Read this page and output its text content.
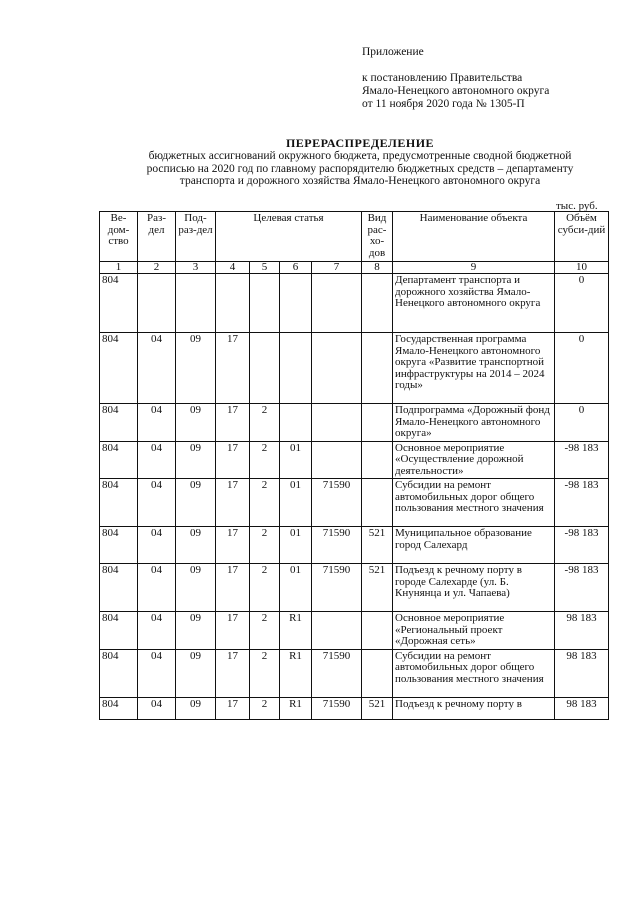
Приложение
к постановлению Правительства
Ямало-Ненецкого автономного округа
от 11 ноября 2020 года № 1305-П
ПЕРЕРАСПРЕДЕЛЕНИЕ
бюджетных ассигнований окружного бюджета, предусмотренные сводной бюджетной
росписью на 2020 год по главному распорядителю бюджетных средств – департаменту
транспорта и дорожного хозяйства Ямало-Ненецкого автономного округа
тыс. руб.
Ве-дом-ство	Раз-дел	Под-раз-дел	Целевая статья				Вид рас-хо-дов	Наименование объекта	Объём субси-дий
1	2	3	4	5	6	7	8	9	10
804								Департамент транспорта и дорожного хозяйства Ямало-Ненецкого автономного округа	0
804	04	09	17					Государственная программа Ямало-Ненецкого автономного округа «Развитие транспортной инфраструктуры на 2014 – 2024 годы»	0
804	04	09	17	2				Подпрограмма «Дорожный фонд Ямало-Ненецкого автономного округа»	0
804	04	09	17	2	01			Основное мероприятие «Осуществление дорожной деятельности»	-98 183
804	04	09	17	2	01	71590		Субсидии на ремонт автомобильных дорог общего пользования местного значения	-98 183
804	04	09	17	2	01	71590	521	Муниципальное образование город Салехард	-98 183
804	04	09	17	2	01	71590	521	Подъезд к речному порту в городе Салехарде (ул. Б. Кнунянца и ул. Чапаева)	-98 183
804	04	09	17	2	R1			Основное мероприятие «Региональный проект «Дорожная сеть»	98 183
804	04	09	17	2	R1	71590		Субсидии на ремонт автомобильных дорог общего пользования местного значения	98 183
804	04	09	17	2	R1	71590	521	Подъезд к речному порту в	98 183
